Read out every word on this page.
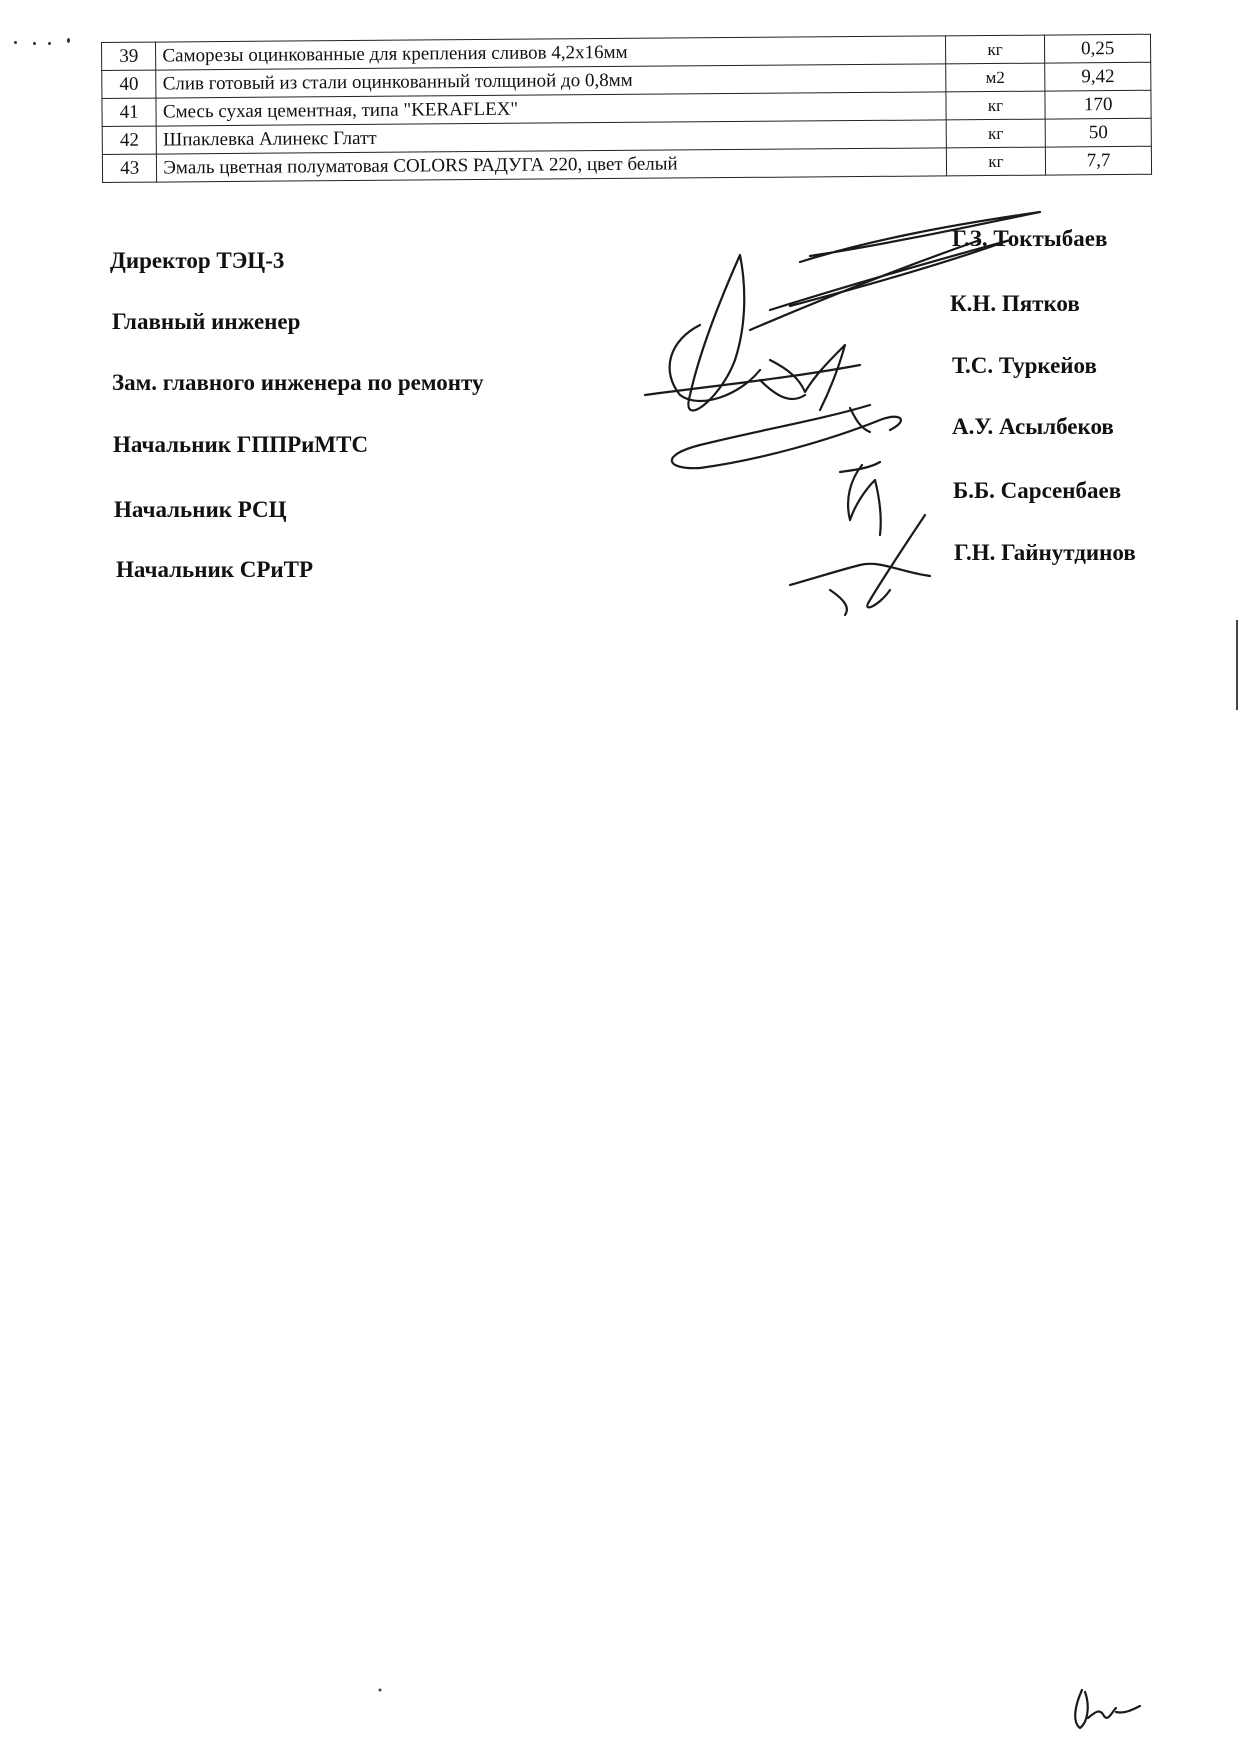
39	Саморезы оцинкованные для крепления сливов 4,2х16мм	кг	0,25
40	Слив готовый из стали оцинкованный толщиной до 0,8мм	м2	9,42
41	Смесь сухая цементная, типа "KERAFLEX"	кг	170
42	Шпаклевка Алинекс Глатт	кг	50
43	Эмаль цветная полуматовая COLORS РАДУГА 220, цвет белый	кг	7,7
Директор ТЭЦ-3
Г.З. Токтыбаев
Главный инженер
К.Н. Пятков
Зам. главного инженера по ремонту
Т.С. Туркейов
Начальник ГППРиМТС
А.У. Асылбеков
Начальник РСЦ
Б.Б. Сарсенбаев
Начальник СРиТР
Г.Н. Гайнутдинов
